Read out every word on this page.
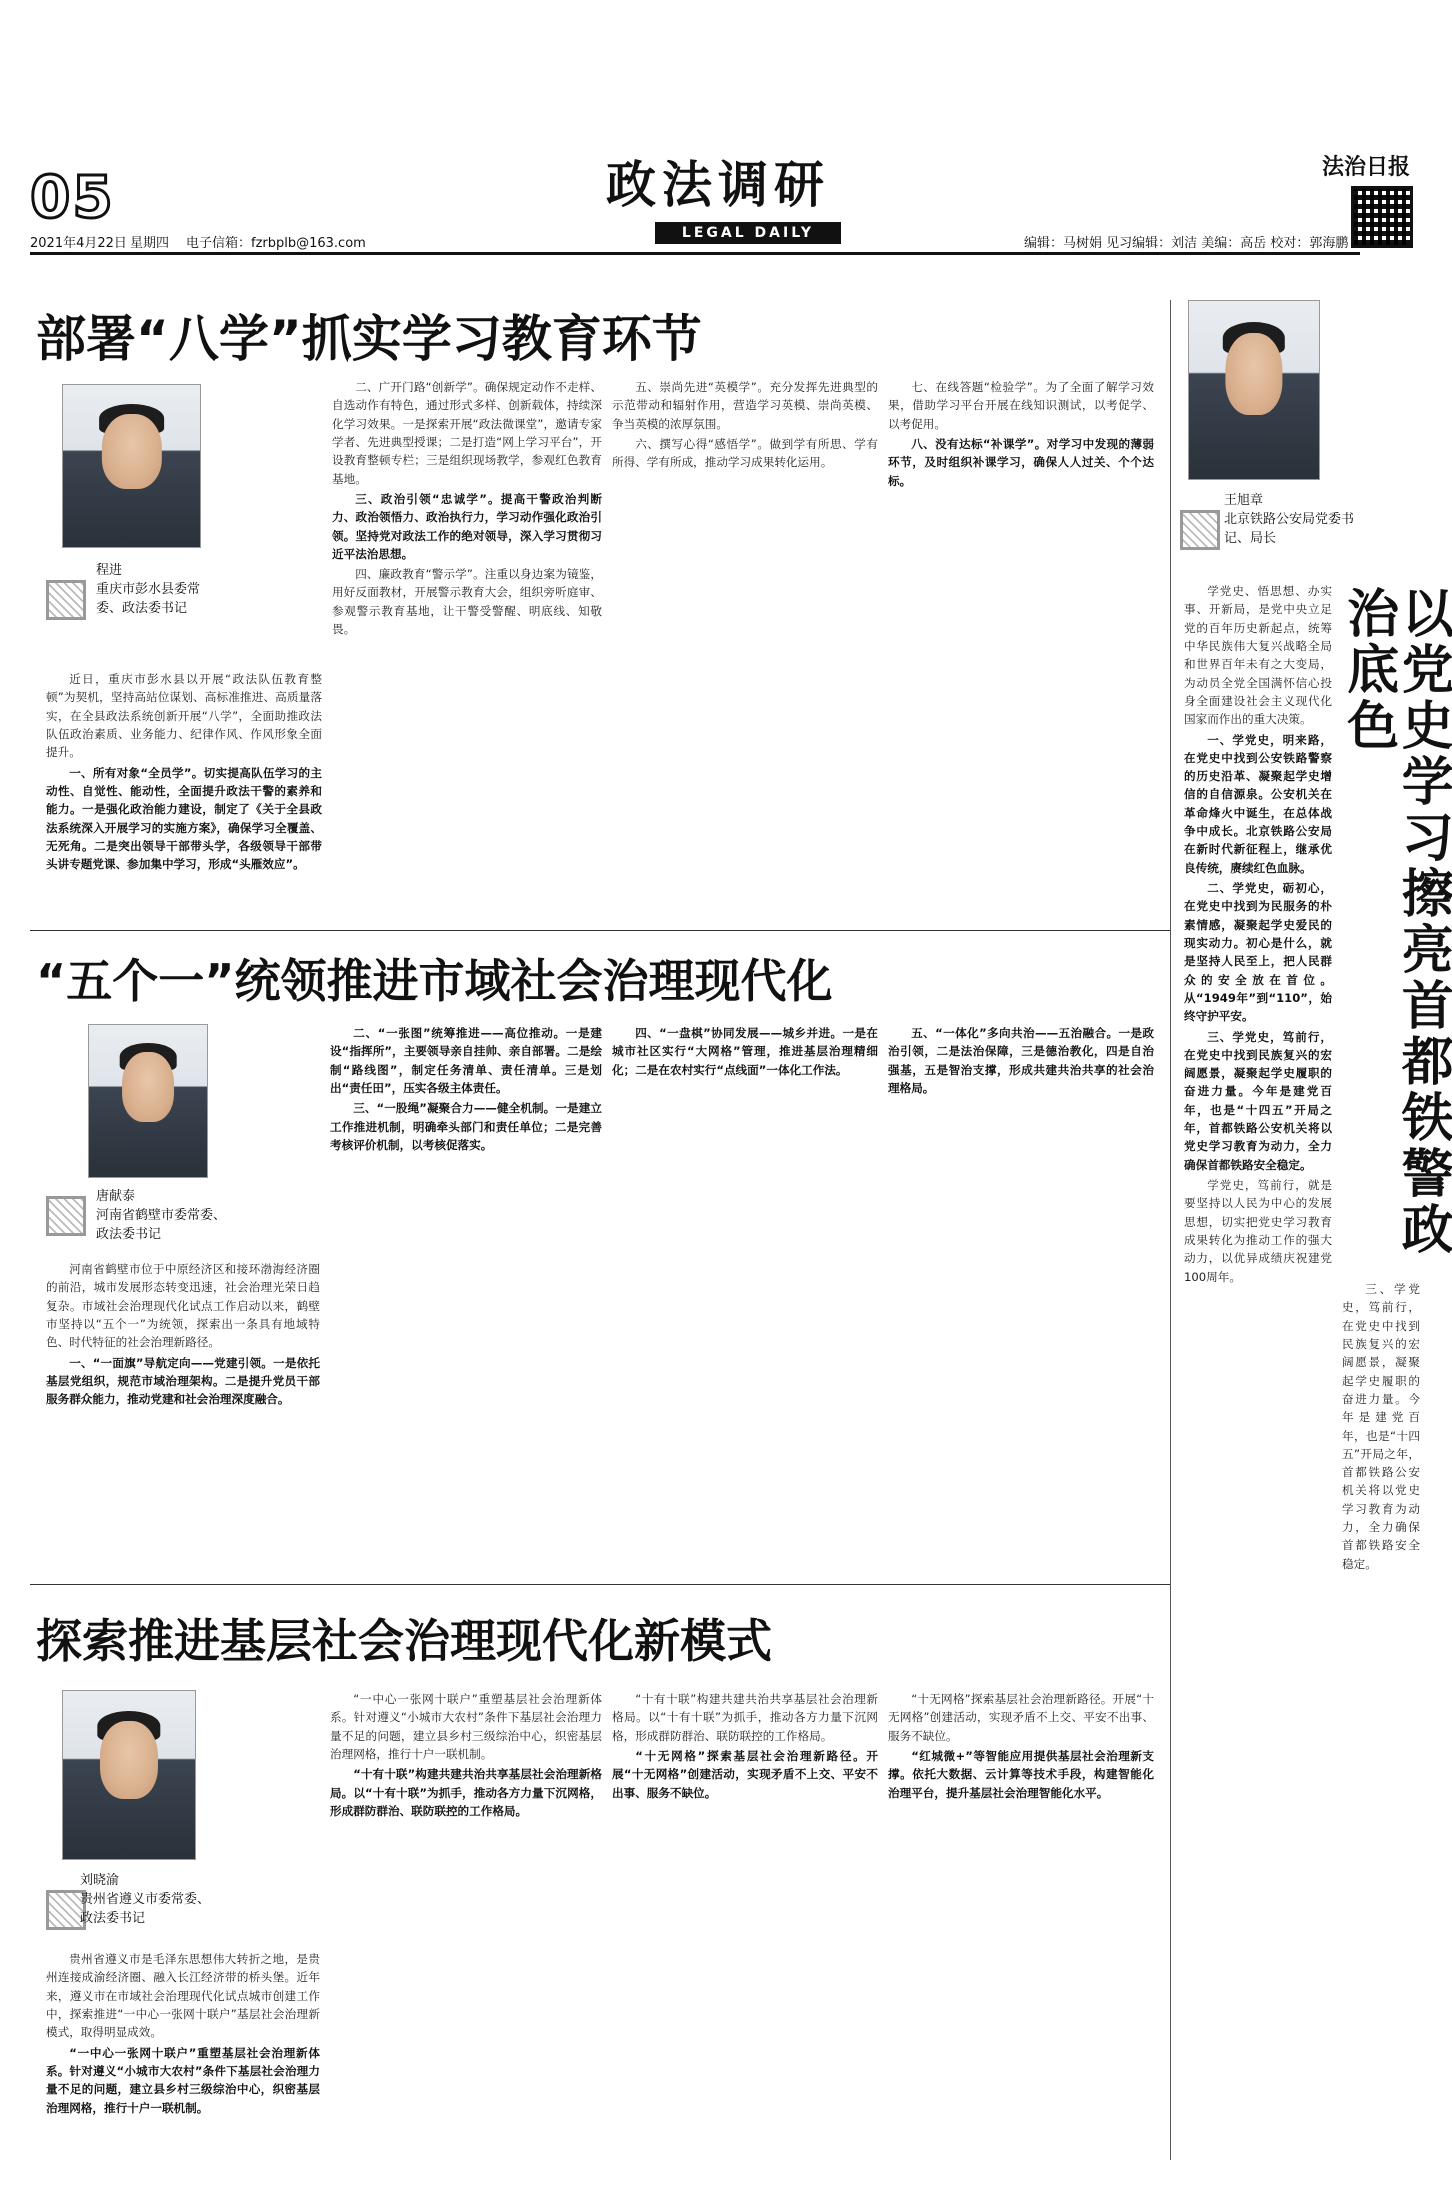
05	政法调研
LEGAL DAILY
法治日报
2021年4月22日 星期四 电子信箱：fzrbplb@163.com	编辑：马树娟 见习编辑：刘洁 美编：高岳 校对：郭海鹏
部署“八学”抓实学习教育环节
程进
重庆市彭水县委常委、政法委书记

近日，重庆市彭水县以开展“政法队伍教育整顿”为契机，坚持高站位谋划、高标准推进、高质量落实，在全县政法系统创新开展“八学”，全面助推政法队伍政治素质、业务能力、纪律作风、作风形象全面提升。

一、所有对象“全员学”。切实提高队伍学习的主动性、自觉性、能动性，全面提升政法干警的素养和能力。一是强化政治能力建设，制定了《关于全县政法系统深入开展学习的实施方案》，确保学习全覆盖、无死角。二是突出领导干部带头学，各级领导干部带头讲专题党课、参加集中学习，形成“头雁效应”。

二、广开门路“创新学”。确保规定动作不走样、自选动作有特色，通过形式多样、创新载体，持续深化学习效果。一是探索开展“政法微课堂”，邀请专家学者、先进典型授课；二是打造“网上学习平台”，开设教育整顿专栏；三是组织现场教学，参观红色教育基地。

三、政治引领“忠诚学”。提高干警政治判断力、政治领悟力、政治执行力，学习动作强化政治引领。坚持党对政法工作的绝对领导，深入学习贯彻习近平法治思想。

四、廉政教育“警示学”。注重以身边案为镜鉴，用好反面教材，开展警示教育大会，组织旁听庭审、参观警示教育基地，让干警受警醒、明底线、知敬畏。

五、崇尚先进“英模学”。充分发挥先进典型的示范带动和辐射作用，营造学习英模、崇尚英模、争当英模的浓厚氛围。

六、撰写心得“感悟学”。做到学有所思、学有所得、学有所成，推动学习成果转化运用。

七、在线答题“检验学”。为了全面了解学习效果，借助学习平台开展在线知识测试，以考促学、以考促用。

八、没有达标“补课学”。对学习中发现的薄弱环节，及时组织补课学习，确保人人过关、个个达标。

王旭章
北京铁路公安局党委书记、局长
以党史学习擦亮首都铁警政治底色

学党史、悟思想、办实事、开新局，是党中央立足党的百年历史新起点，统筹中华民族伟大复兴战略全局和世界百年未有之大变局，为动员全党全国满怀信心投身全面建设社会主义现代化国家而作出的重大决策。

一、学党史，明来路，在党史中找到公安铁路警察的历史沿革、凝聚起学史增信的自信源泉。公安机关在革命烽火中诞生，在总体战争中成长。北京铁路公安局在新时代新征程上，继承优良传统，赓续红色血脉。

二、学党史，砺初心，在党史中找到为民服务的朴素情感，凝聚起学史爱民的现实动力。初心是什么，就是坚持人民至上，把人民群众的安全放在首位。从“1949年”到“110”，始终守护平安。

三、学党史，笃前行，在党史中找到民族复兴的宏阔愿景，凝聚起学史履职的奋进力量。今年是建党百年，也是“十四五”开局之年，首都铁路公安机关将以党史学习教育为动力，全力确保首都铁路安全稳定。

学党史，笃前行，就是要坚持以人民为中心的发展思想，切实把党史学习教育成果转化为推动工作的强大动力，以优异成绩庆祝建党100周年。

三、学党史，笃前行，在党史中找到民族复兴的宏阔愿景，凝聚起学史履职的奋进力量。今年是建党百年，也是“十四五”开局之年，首都铁路公安机关将以党史学习教育为动力，全力确保首都铁路安全稳定。

“五个一”统领推进市域社会治理现代化
唐献泰
河南省鹤壁市委常委、政法委书记

河南省鹤壁市位于中原经济区和接环渤海经济圈的前沿，城市发展形态转变迅速，社会治理光荣日趋复杂。市域社会治理现代化试点工作启动以来，鹤壁市坚持以“五个一”为统领，探索出一条具有地域特色、时代特征的社会治理新路径。

一、“一面旗”导航定向——党建引领。一是依托基层党组织，规范市域治理架构。二是提升党员干部服务群众能力，推动党建和社会治理深度融合。

二、“一张图”统筹推进——高位推动。一是建设“指挥所”，主要领导亲自挂帅、亲自部署。二是绘制“路线图”，制定任务清单、责任清单。三是划出“责任田”，压实各级主体责任。

三、“一股绳”凝聚合力——健全机制。一是建立工作推进机制，明确牵头部门和责任单位；二是完善考核评价机制，以考核促落实。

四、“一盘棋”协同发展——城乡并进。一是在城市社区实行“大网格”管理，推进基层治理精细化；二是在农村实行“点线面”一体化工作法。

五、“一体化”多向共治——五治融合。一是政治引领，二是法治保障，三是德治教化，四是自治强基，五是智治支撑，形成共建共治共享的社会治理格局。

探索推进基层社会治理现代化新模式
刘晓渝
贵州省遵义市委常委、政法委书记

贵州省遵义市是毛泽东思想伟大转折之地，是贵州连接成渝经济圈、融入长江经济带的桥头堡。近年来，遵义市在市域社会治理现代化试点城市创建工作中，探索推进“一中心一张网十联户”基层社会治理新模式，取得明显成效。

“一中心一张网十联户”重塑基层社会治理新体系。针对遵义“小城市大农村”条件下基层社会治理力量不足的问题，建立县乡村三级综治中心，织密基层治理网格，推行十户一联机制。

“一中心一张网十联户”重塑基层社会治理新体系。针对遵义“小城市大农村”条件下基层社会治理力量不足的问题，建立县乡村三级综治中心，织密基层治理网格，推行十户一联机制。

“十有十联”构建共建共治共享基层社会治理新格局。以“十有十联”为抓手，推动各方力量下沉网格，形成群防群治、联防联控的工作格局。

“十有十联”构建共建共治共享基层社会治理新格局。以“十有十联”为抓手，推动各方力量下沉网格，形成群防群治、联防联控的工作格局。

“十无网格”探索基层社会治理新路径。开展“十无网格”创建活动，实现矛盾不上交、平安不出事、服务不缺位。

“十无网格”探索基层社会治理新路径。开展“十无网格”创建活动，实现矛盾不上交、平安不出事、服务不缺位。

“红城微+”等智能应用提供基层社会治理新支撑。依托大数据、云计算等技术手段，构建智能化治理平台，提升基层社会治理智能化水平。
